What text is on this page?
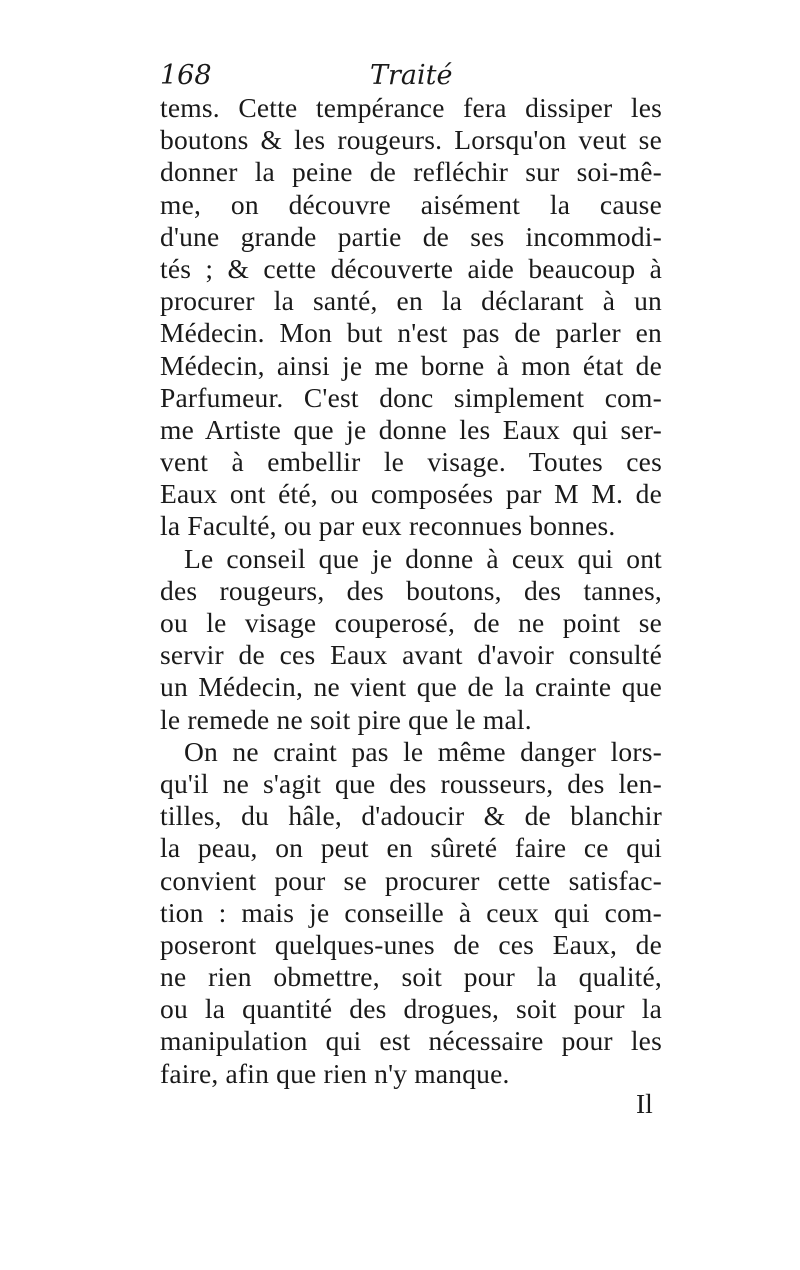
168	Traité
tems. Cette tempérance fera dissiper les
boutons & les rougeurs. Lorsqu'on veut se
donner la peine de refléchir sur soi-mê-
me, on découvre aisément la cause
d'une grande partie de ses incommodi-
tés ; & cette découverte aide beaucoup à
procurer la santé, en la déclarant à un
Médecin. Mon but n'est pas de parler en
Médecin, ainsi je me borne à mon état de
Parfumeur. C'est donc simplement com-
me Artiste que je donne les Eaux qui ser-
vent à embellir le visage. Toutes ces
Eaux ont été, ou composées par M M. de
la Faculté, ou par eux reconnues bonnes.
Le conseil que je donne à ceux qui ont
des rougeurs, des boutons, des tannes,
ou le visage couperosé, de ne point se
servir de ces Eaux avant d'avoir consulté
un Médecin, ne vient que de la crainte que
le remede ne soit pire que le mal.
On ne craint pas le même danger lors-
qu'il ne s'agit que des rousseurs, des len-
tilles, du hâle, d'adoucir & de blanchir
la peau, on peut en sûreté faire ce qui
convient pour se procurer cette satisfac-
tion : mais je conseille à ceux qui com-
poseront quelques-unes de ces Eaux, de
ne rien obmettre, soit pour la qualité,
ou la quantité des drogues, soit pour la
manipulation qui est nécessaire pour les
faire, afin que rien n'y manque.
Il
